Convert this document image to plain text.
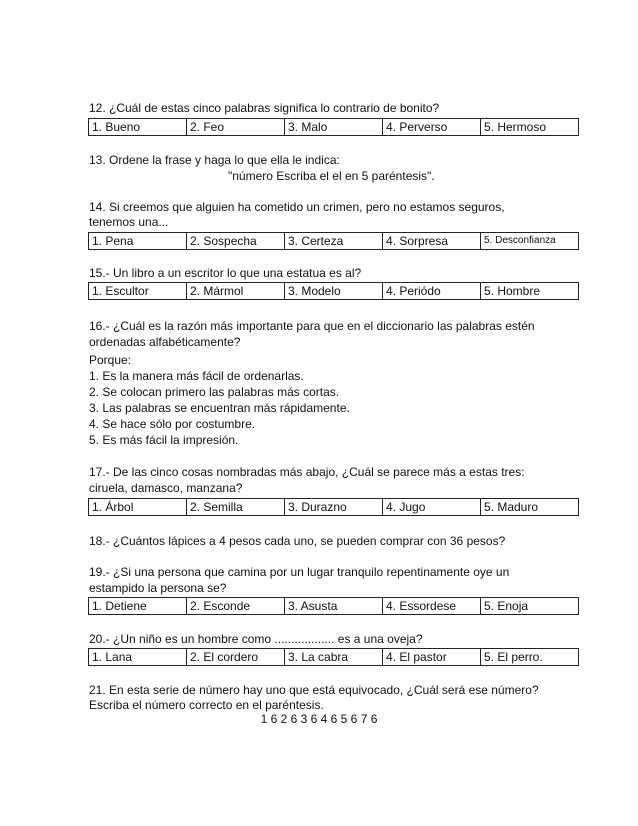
12. ¿Cuál de estas cinco palabras significa lo contrario de bonito?

1. Bueno	2. Feo	3. Malo	4. Perverso	5. Hermoso

13. Ordene la frase y haga lo que ella le indica:

"número Escriba el el en 5 paréntesis".

14. Si creemos que alguien ha cometido un crimen, pero no estamos seguros,

tenemos una...

1. Pena	2. Sospecha	3. Certeza	4. Sorpresa	5. Desconfianza

15.- Un libro a un escritor lo que una estatua es al?

1. Escultor	2. Mármol	3. Modelo	4. Periódo	5. Hombre

16.- ¿Cuál es la razón más importante para que en el diccionario las palabras estén

ordenadas alfabéticamente?

Porque:
1. Es la manera más fácil de ordenarlas.
2. Se colocan primero las palabras más cortas.
3. Las palabras se encuentran más rápidamente.
4. Se hace sólo por costumbre.
5. Es más fácil la impresión.

17.- De las cinco cosas nombradas más abajo, ¿Cuál se parece más a estas tres:

ciruela, damasco, manzana?

1. Árbol	2. Semilla	3. Durazno	4. Jugo	5. Maduro

18.- ¿Cuántos lápices a 4 pesos cada uno, se pueden comprar con 36 pesos?

19.- ¿Si una persona que camina por un lugar tranquilo repentinamente oye un

estampido la persona se?

1. Detiene	2. Esconde	3. Asusta	4. Essordese	5. Enoja

20.- ¿Un niño es un hombre como .................. es a una oveja?

1. Lana	2. El cordero	3. La cabra	4. El pastor	5. El perro.

21. En esta serie de número hay uno que está equivocado, ¿Cuál será ese número?

Escriba el número correcto en el paréntesis.

1 6 2 6 3 6 4 6 5 6 7 6
